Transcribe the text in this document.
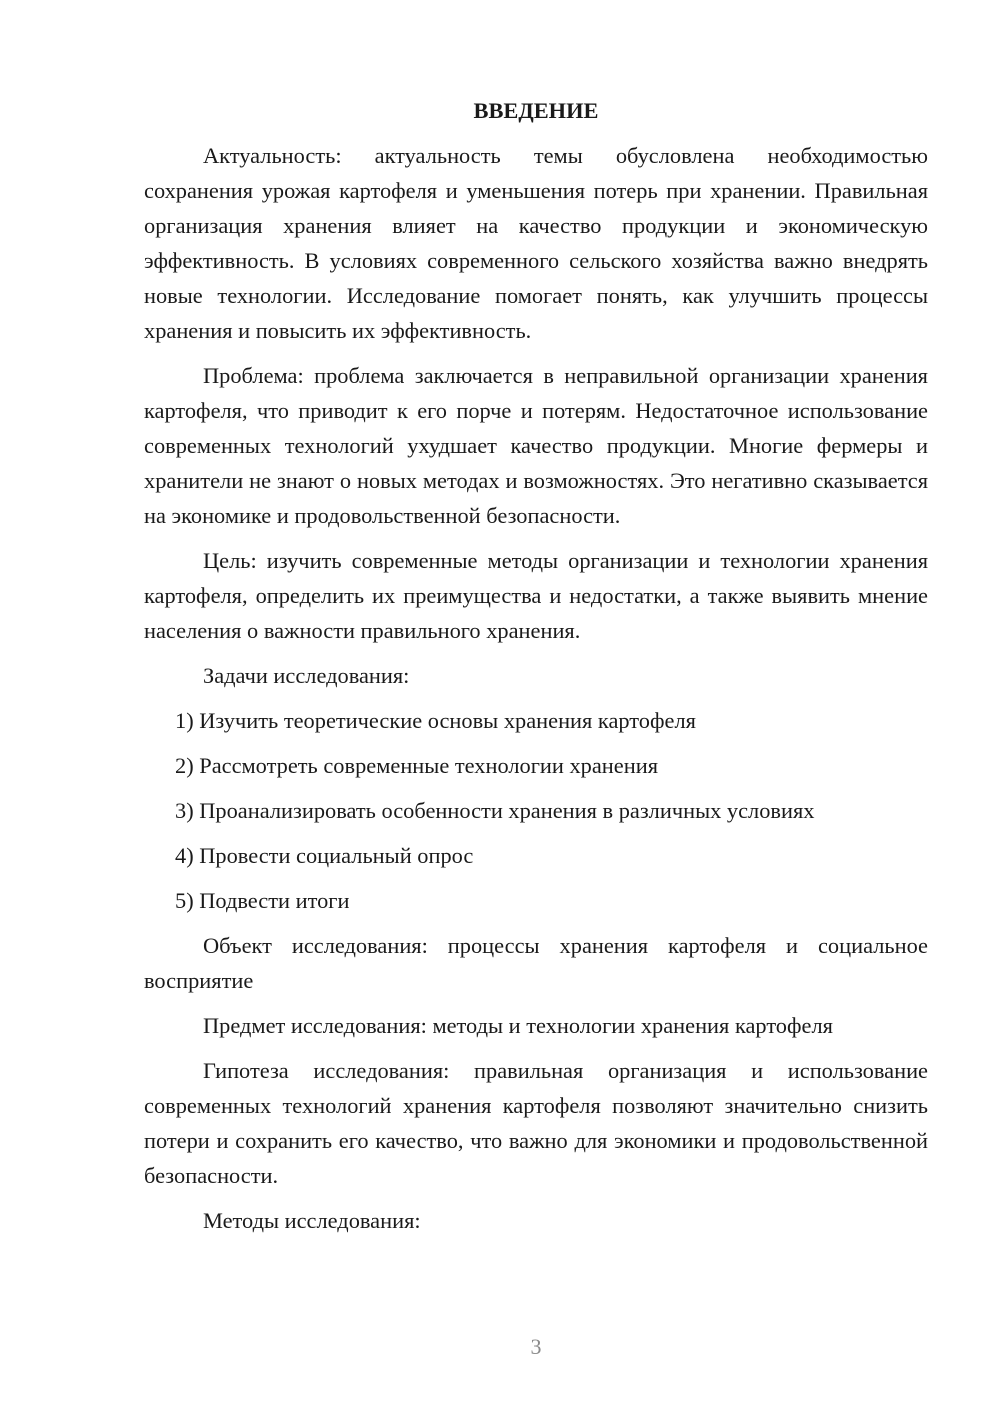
ВВЕДЕНИЕ

Актуальность: актуальность темы обусловлена необходимостью сохранения урожая картофеля и уменьшения потерь при хранении. Правильная организация хранения влияет на качество продукции и экономическую эффективность. В условиях современного сельского хозяйства важно внедрять новые технологии. Исследование помогает понять, как улучшить процессы хранения и повысить их эффективность.

Проблема: проблема заключается в неправильной организации хранения картофеля, что приводит к его порче и потерям. Недостаточное использование современных технологий ухудшает качество продукции. Многие фермеры и хранители не знают о новых методах и возможностях. Это негативно сказывается на экономике и продовольственной безопасности.

Цель: изучить современные методы организации и технологии хранения картофеля, определить их преимущества и недостатки, а также выявить мнение населения о важности правильного хранения.

Задачи исследования:

1) Изучить теоретические основы хранения картофеля
2) Рассмотреть современные технологии хранения
3) Проанализировать особенности хранения в различных условиях
4) Провести социальный опрос
5) Подвести итоги

Объект исследования: процессы хранения картофеля и социальное восприятие

Предмет исследования: методы и технологии хранения картофеля

Гипотеза исследования: правильная организация и использование современных технологий хранения картофеля позволяют значительно снизить потери и сохранить его качество, что важно для экономики и продовольственной безопасности.

Методы исследования:

3
